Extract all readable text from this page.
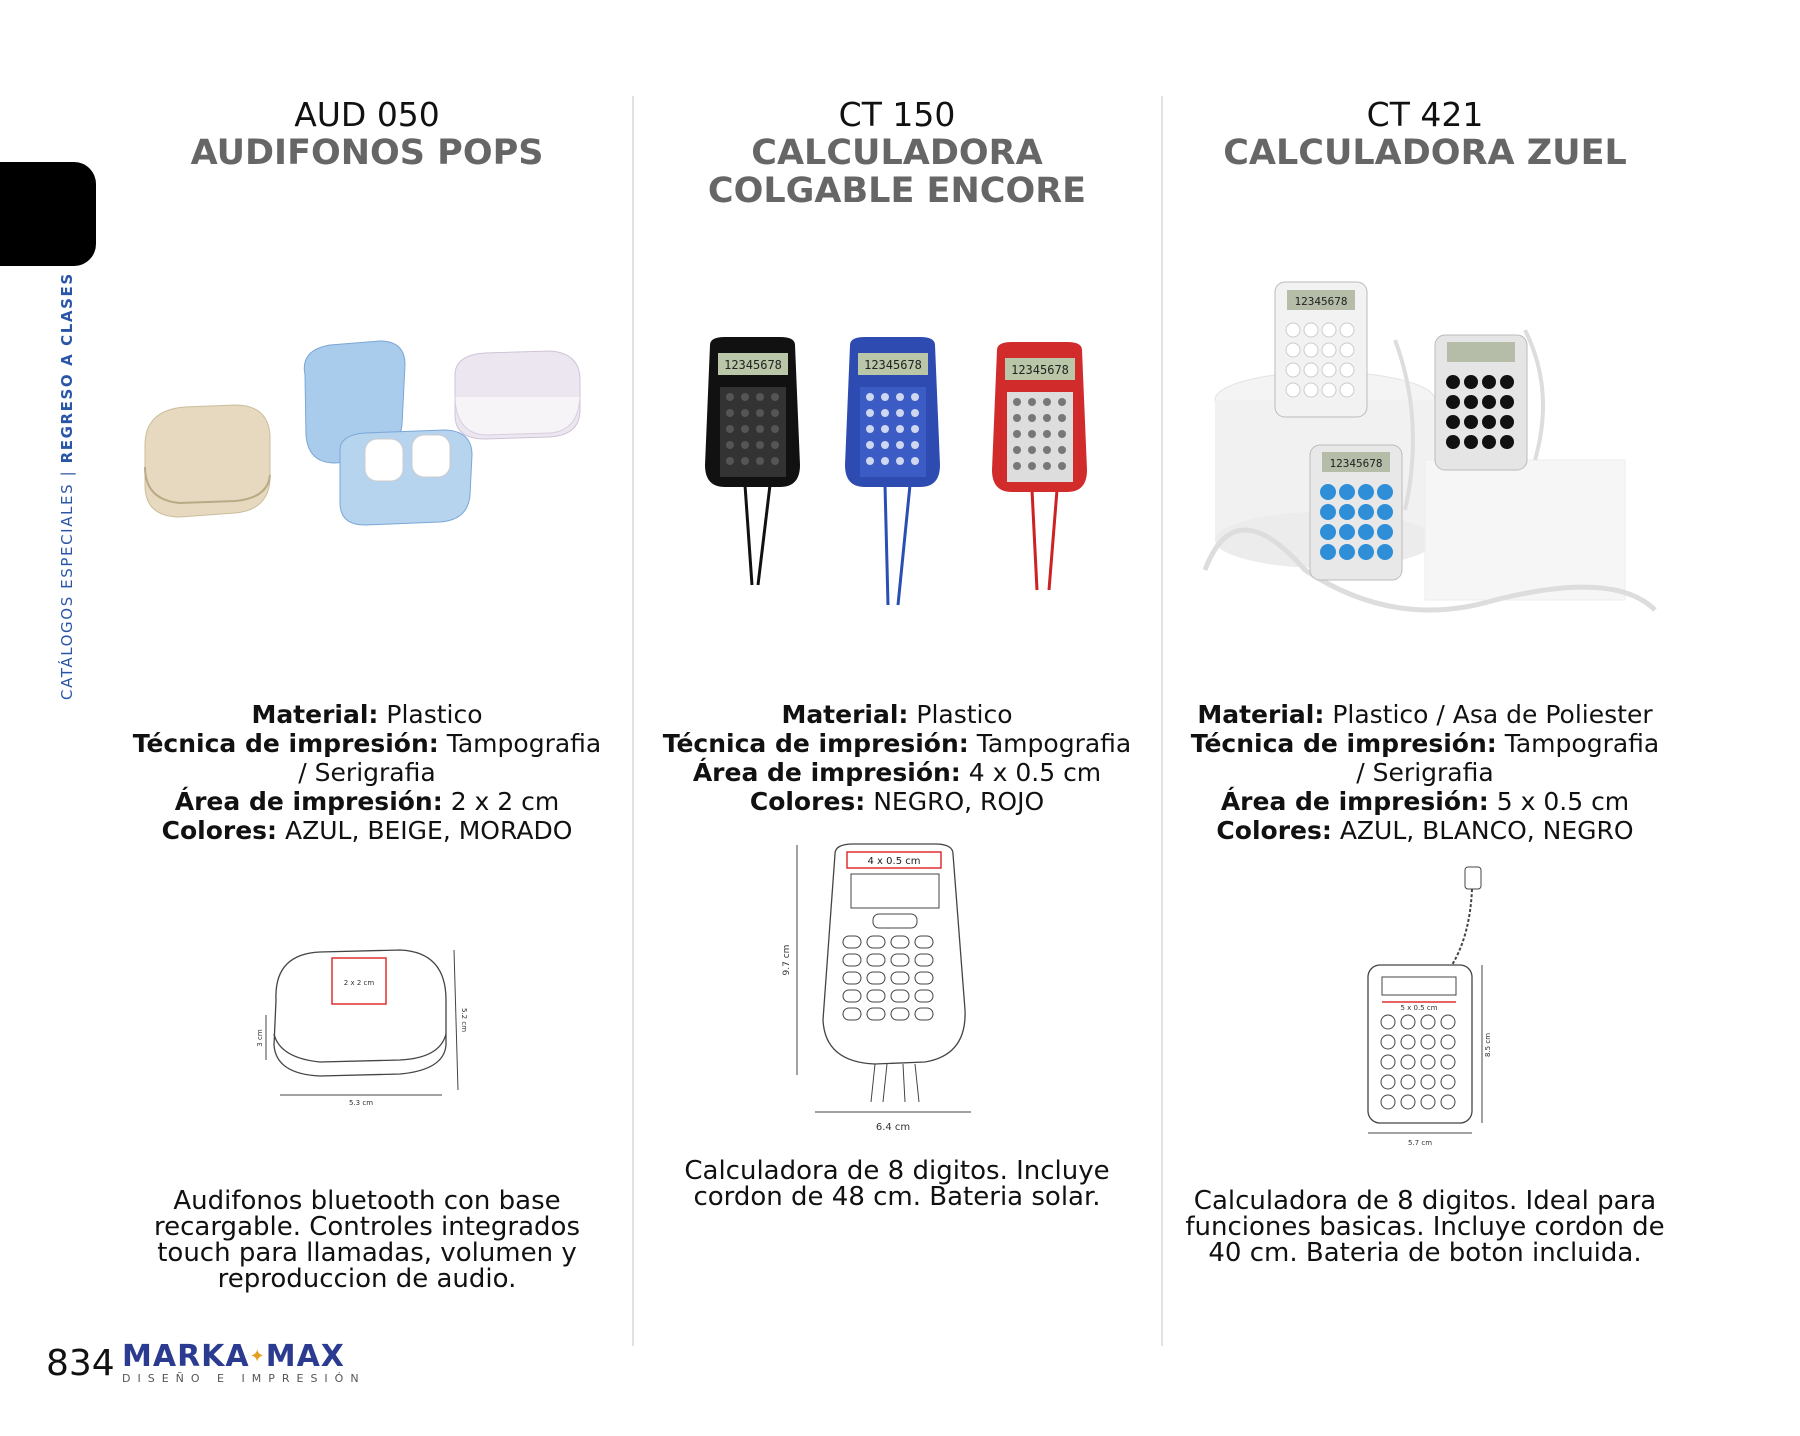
CATÁLOGOS ESPECIALES | REGRESO A CLASES
AUD 050
AUDIFONOS POPS
Material: Plastico
Técnica de impresión: Tampografia / Serigrafia
Área de impresión: 2 x 2 cm
Colores: AZUL, BEIGE, MORADO
2 x 2 cm
3 cm
5.2 cm
5.3 cm
Audifonos bluetooth con base recargable. Controles integrados touch para llamadas, volumen y reproduccion de audio.
CT 150
CALCULADORA COLGABLE ENCORE
12345678	12345678	12345678
Material: Plastico
Técnica de impresión: Tampografia
Área de impresión: 4 x 0.5 cm
Colores: NEGRO, ROJO
9.7 cm
4 x 0.5 cm
6.4 cm
Calculadora de 8 digitos. Incluye cordon de 48 cm. Bateria solar.
CT 421
CALCULADORA ZUEL
12345678
12345678
Material: Plastico / Asa de Poliester
Técnica de impresión: Tampografia / Serigrafia
Área de impresión: 5 x 0.5 cm
Colores: AZUL, BLANCO, NEGRO
5 x 0.5 cm
8.5 cm
5.7 cm
Calculadora de 8 digitos. Ideal para funciones basicas. Incluye cordon de 40 cm. Bateria de boton incluida.
834 MARKA✦MAX
DISEÑO E IMPRESIÓN
